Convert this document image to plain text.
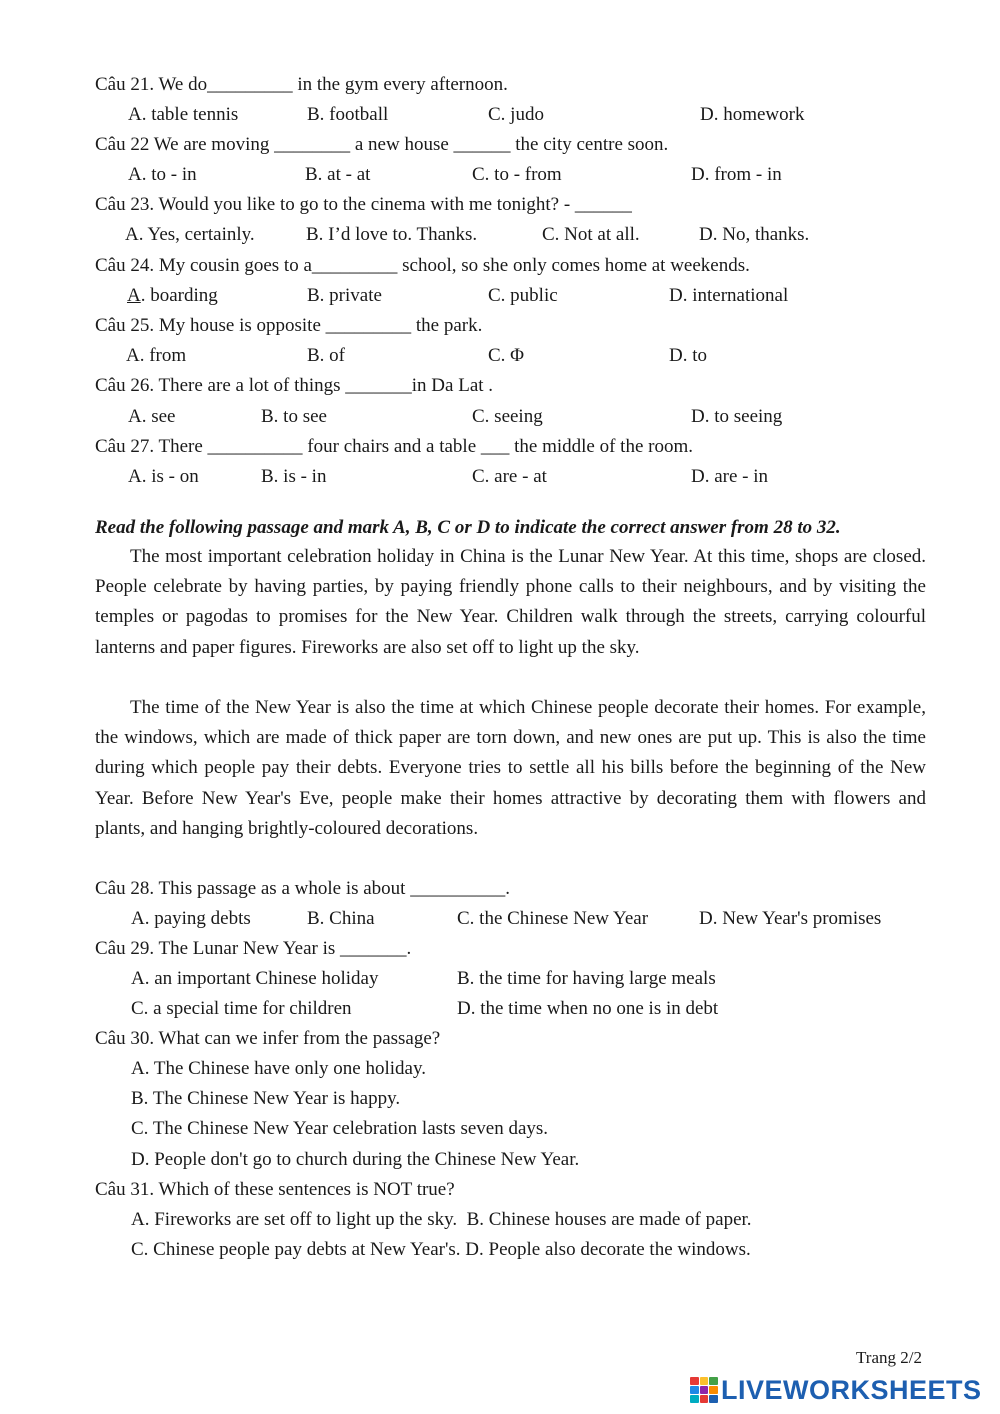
Câu 21. We do_________ in the gym every afternoon.
A. table tennis	B. football	C. judo	D. homework
Câu 22 We are moving ________ a new house ______ the city centre soon.
A. to - in	B. at - at	C. to - from	D. from - in
Câu 23. Would you like to go to the cinema with me tonight? - ______
A. Yes, certainly.	B. I’d love to. Thanks.	C. Not at all.	D. No, thanks.
Câu 24. My cousin goes to a_________ school, so she only comes home at weekends.
A. boarding	B. private	C. public	D. international
Câu 25. My house is opposite _________ the park.
A. from	B. of	C. Φ	D. to
Câu 26. There are a lot of things _______in Da Lat .
A. see	B. to see	C. seeing	D. to seeing
Câu 27. There __________ four chairs and a table ___ the middle of the room.
A. is - on	B. is - in	C. are - at	D. are - in
Read the following passage and mark A, B, C or D to indicate the correct answer from 28 to 32.
The most important celebration holiday in China is the Lunar New Year. At this time, shops are closed. People celebrate by having parties, by paying friendly phone calls to their neighbours, and by visiting the temples or pagodas to promises for the New Year. Children walk through the streets, carrying colourful lanterns and paper figures. Fireworks are also set off to light up the sky.
The time of the New Year is also the time at which Chinese people decorate their homes. For example, the windows, which are made of thick paper are torn down, and new ones are put up. This is also the time during which people pay their debts. Everyone tries to settle all his bills before the beginning of the New Year. Before New Year's Eve, people make their homes attractive by decorating them with flowers and plants, and hanging brightly-coloured decorations.
Câu 28. This passage as a whole is about __________.
A. paying debts	B. China	C. the Chinese New Year	D. New Year's promises
Câu 29. The Lunar New Year is _______.
A. an important Chinese holiday	B. the time for having large meals
C. a special time for children	D. the time when no one is in debt
Câu 30. What can we infer from the passage?
A. The Chinese have only one holiday.
B. The Chinese New Year is happy.
C. The Chinese New Year celebration lasts seven days.
D. People don't go to church during the Chinese New Year.
Câu 31. Which of these sentences is NOT true?
A. Fireworks are set off to light up the sky.  B. Chinese houses are made of paper.
C. Chinese people pay debts at New Year's. D. People also decorate the windows.
Trang 2/2
LIVEWORKSHEETS
